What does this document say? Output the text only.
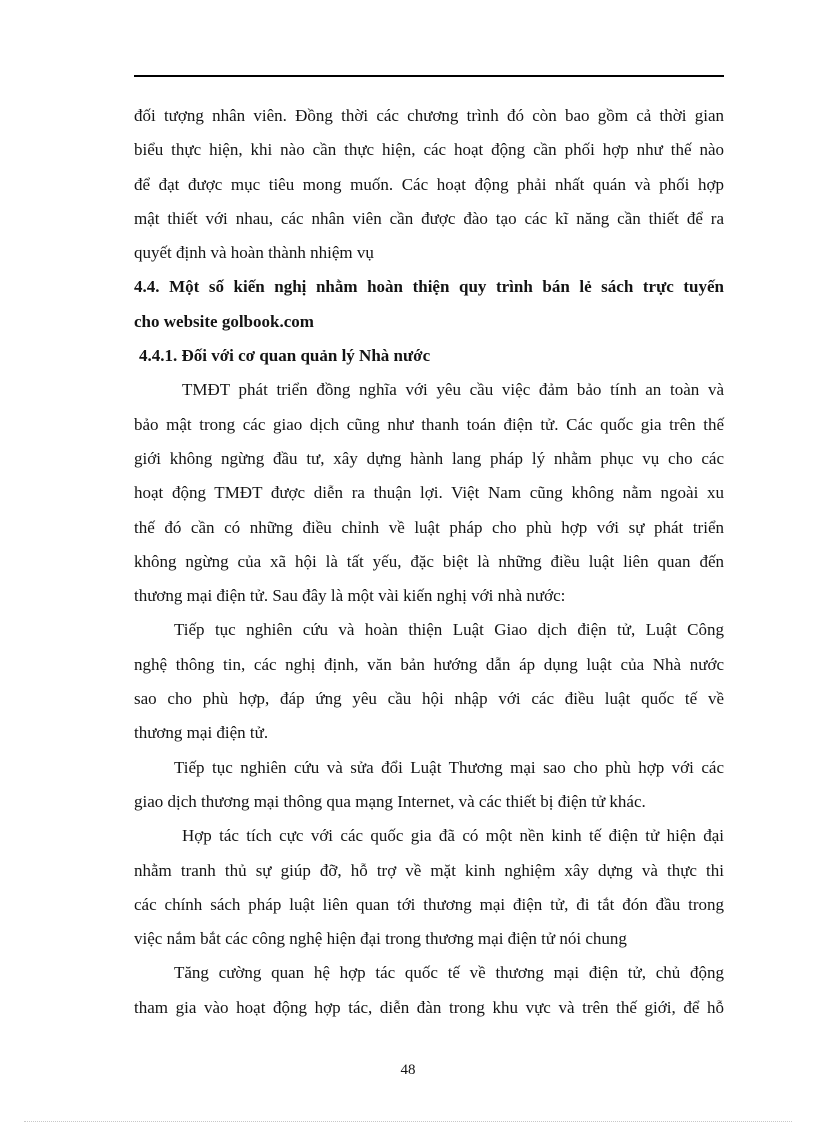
đối tượng nhân viên. Đồng thời các chương trình đó còn bao gồm cả thời gian
biểu thực hiện, khi nào cần thực hiện, các hoạt động cần phối hợp như thế nào
để đạt được mục tiêu mong muốn. Các hoạt động phải nhất quán và phối hợp
mật thiết với nhau, các nhân viên cần được đào tạo các kĩ năng cần thiết để ra
quyết định và hoàn thành nhiệm vụ
4.4. Một số kiến nghị nhằm hoàn thiện quy trình bán lẻ sách trực tuyến
cho website golbook.com
4.4.1. Đối với cơ quan quản lý Nhà nước
TMĐT phát triển đồng nghĩa với yêu cầu việc đảm bảo tính an toàn và
bảo mật trong các giao dịch cũng như thanh toán điện tử. Các quốc gia trên thế
giới không ngừng đầu tư, xây dựng hành lang pháp lý nhằm phục vụ cho các
hoạt động TMĐT được diễn ra thuận lợi. Việt Nam cũng không nằm ngoài xu
thế đó cần có những điều chỉnh về luật pháp cho phù hợp với sự phát triển
không ngừng của xã hội là tất yếu, đặc biệt là những điều luật liên quan đến
thương mại điện tử. Sau đây là một vài kiến nghị với nhà nước:
Tiếp tục nghiên cứu và hoàn thiện Luật Giao dịch điện tử, Luật Công
nghệ thông tin, các nghị định, văn bản hướng dẫn áp dụng luật của Nhà nước
sao cho phù hợp, đáp ứng yêu cầu hội nhập với các điều luật quốc tế về
thương mại điện tử.
Tiếp tục nghiên cứu và sửa đổi Luật Thương mại sao cho phù hợp với các
giao dịch thương mại thông qua mạng Internet, và các thiết bị điện tử khác.
Hợp tác tích cực với các quốc gia đã có một nền kinh tế điện tử hiện đại
nhằm tranh thủ sự giúp đỡ, hỗ trợ về mặt kinh nghiệm xây dựng và thực thi
các chính sách pháp luật liên quan tới thương mại điện tử, đi tắt đón đầu trong
việc nắm bắt các công nghệ hiện đại trong thương mại điện tử nói chung
Tăng cường quan hệ hợp tác quốc tế về thương mại điện tử, chủ động
tham gia vào hoạt động hợp tác, diễn đàn trong khu vực và trên thế giới, để hỗ
48
